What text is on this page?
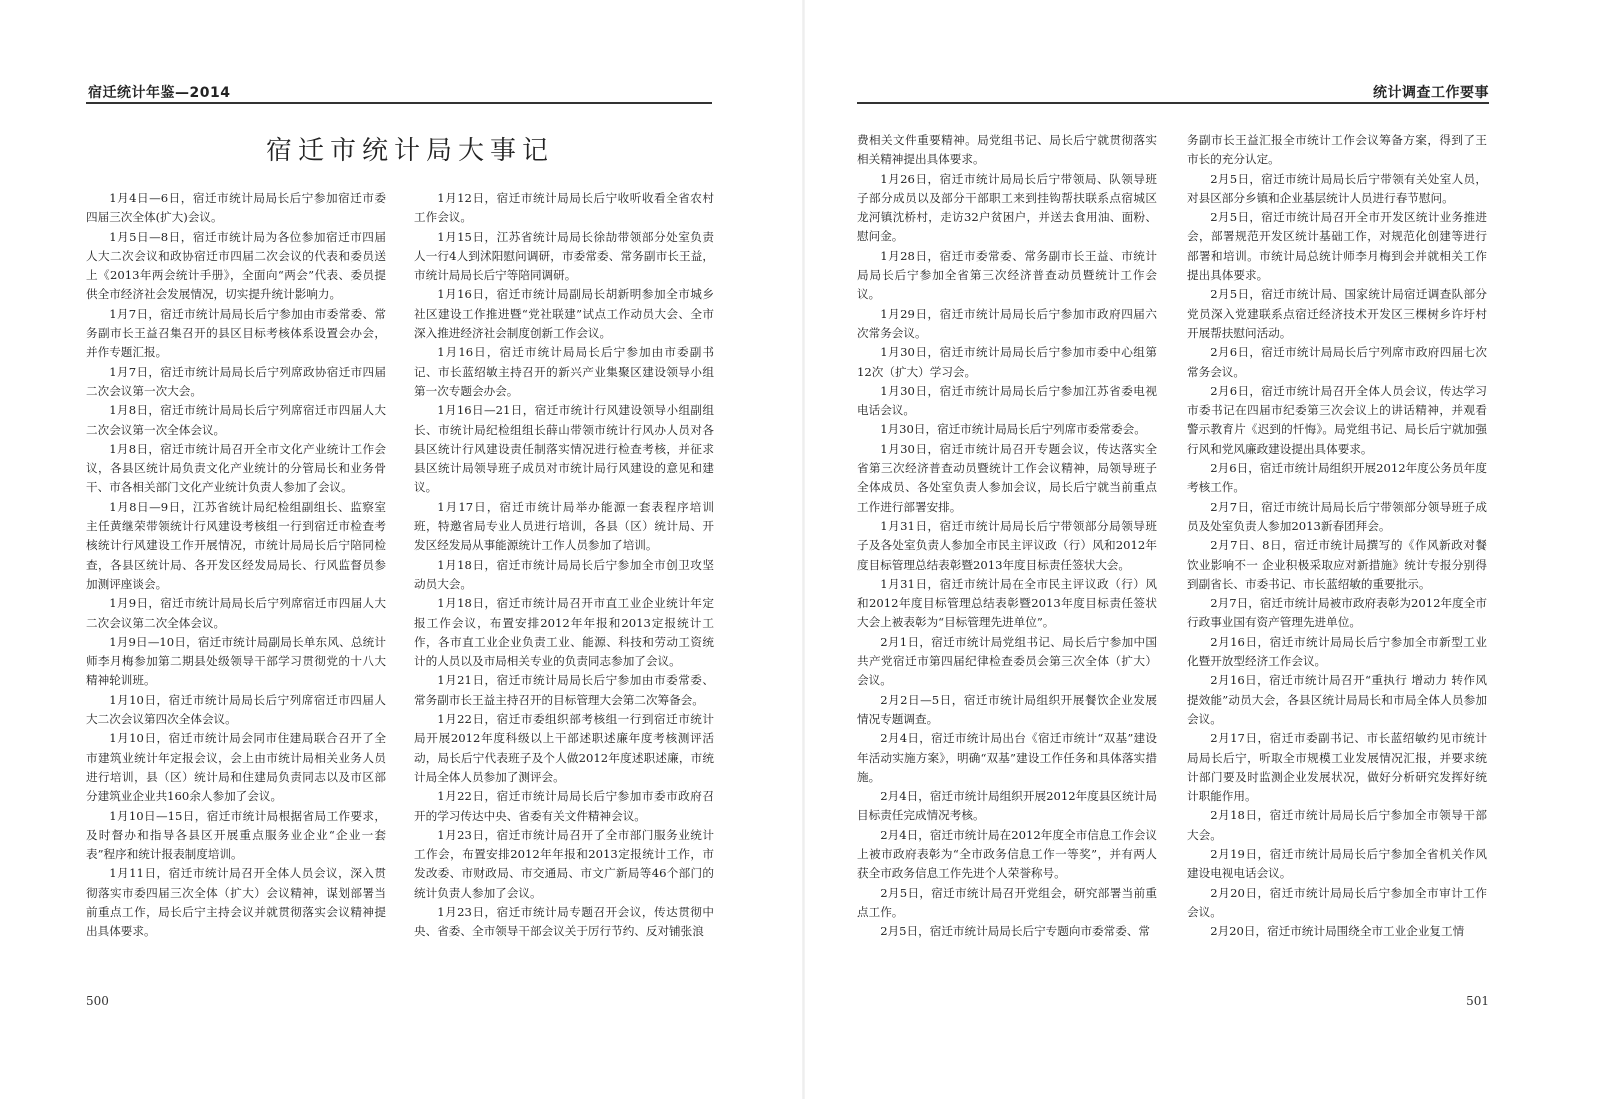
宿迁统计年鉴—2014
宿迁市统计局大事记

1月4日—6日，宿迁市统计局局长后宁参加宿迁市委四届三次全体(扩大)会议。

1月5日—8日，宿迁市统计局为各位参加宿迁市四届人大二次会议和政协宿迁市四届二次会议的代表和委员送上《2013年两会统计手册》，全面向“两会”代表、委员提供全市经济社会发展情况，切实提升统计影响力。

1月7日，宿迁市统计局局长后宁参加由市委常委、常务副市长王益召集召开的县区目标考核体系设置会办会，并作专题汇报。

1月7日，宿迁市统计局局长后宁列席政协宿迁市四届二次会议第一次大会。

1月8日，宿迁市统计局局长后宁列席宿迁市四届人大二次会议第一次全体会议。

1月8日，宿迁市统计局召开全市文化产业统计工作会议，各县区统计局负责文化产业统计的分管局长和业务骨干、市各相关部门文化产业统计负责人参加了会议。

1月8日—9日，江苏省统计局纪检组副组长、监察室主任黄继荣带领统计行风建设考核组一行到宿迁市检查考核统计行风建设工作开展情况，市统计局局长后宁陪同检查，各县区统计局、各开发区经发局局长、行风监督员参加测评座谈会。

1月9日，宿迁市统计局局长后宁列席宿迁市四届人大二次会议第二次全体会议。

1月9日—10日，宿迁市统计局副局长单东风、总统计师李月梅参加第二期县处级领导干部学习贯彻党的十八大精神轮训班。

1月10日，宿迁市统计局局长后宁列席宿迁市四届人大二次会议第四次全体会议。

1月10日，宿迁市统计局会同市住建局联合召开了全市建筑业统计年定报会议，会上由市统计局相关业务人员进行培训，县（区）统计局和住建局负责同志以及市区部分建筑业企业共160余人参加了会议。

1月10日—15日，宿迁市统计局根据省局工作要求，及时督办和指导各县区开展重点服务业企业“企业一套表”程序和统计报表制度培训。

1月11日，宿迁市统计局召开全体人员会议，深入贯彻落实市委四届三次全体（扩大）会议精神，谋划部署当前重点工作，局长后宁主持会议并就贯彻落实会议精神提出具体要求。

1月12日，宿迁市统计局局长后宁收听收看全省农村工作会议。

1月15日，江苏省统计局局长徐劼带领部分处室负责人一行4人到沭阳慰问调研，市委常委、常务副市长王益，市统计局局长后宁等陪同调研。

1月16日，宿迁市统计局副局长胡新明参加全市城乡社区建设工作推进暨“党社联建”试点工作动员大会、全市深入推进经济社会制度创新工作会议。

1月16日，宿迁市统计局局长后宁参加由市委副书记、市长蓝绍敏主持召开的新兴产业集聚区建设领导小组第一次专题会办会。

1月16日—21日，宿迁市统计行风建设领导小组副组长、市统计局纪检组组长薛山带领市统计行风办人员对各县区统计行风建设责任制落实情况进行检查考核，并征求县区统计局领导班子成员对市统计局行风建设的意见和建议。

1月17日，宿迁市统计局举办能源一套表程序培训班，特邀省局专业人员进行培训，各县（区）统计局、开发区经发局从事能源统计工作人员参加了培训。

1月18日，宿迁市统计局局长后宁参加全市创卫攻坚动员大会。

1月18日，宿迁市统计局召开市直工业企业统计年定报工作会议，布置安排2012年年报和2013定报统计工作，各市直工业企业负责工业、能源、科技和劳动工资统计的人员以及市局相关专业的负责同志参加了会议。

1月21日，宿迁市统计局局长后宁参加由市委常委、常务副市长王益主持召开的目标管理大会第二次筹备会。

1月22日，宿迁市委组织部考核组一行到宿迁市统计局开展2012年度科级以上干部述职述廉年度考核测评活动，局长后宁代表班子及个人做2012年度述职述廉，市统计局全体人员参加了测评会。

1月22日，宿迁市统计局局长后宁参加市委市政府召开的学习传达中央、省委有关文件精神会议。

1月23日，宿迁市统计局召开了全市部门服务业统计工作会，布置安排2012年年报和2013定报统计工作，市发改委、市财政局、市交通局、市文广新局等46个部门的统计负责人参加了会议。

1月23日，宿迁市统计局专题召开会议，传达贯彻中央、省委、全市领导干部会议关于厉行节约、反对铺张浪

500
统计调查工作要事

费相关文件重要精神。局党组书记、局长后宁就贯彻落实相关精神提出具体要求。

1月26日，宿迁市统计局局长后宁带领局、队领导班子部分成员以及部分干部职工来到挂钩帮扶联系点宿城区龙河镇沈桥村，走访32户贫困户，并送去食用油、面粉、慰问金。

1月28日，宿迁市委常委、常务副市长王益、市统计局局长后宁参加全省第三次经济普查动员暨统计工作会议。

1月29日，宿迁市统计局局长后宁参加市政府四届六次常务会议。

1月30日，宿迁市统计局局长后宁参加市委中心组第12次（扩大）学习会。

1月30日，宿迁市统计局局长后宁参加江苏省委电视电话会议。

1月30日，宿迁市统计局局长后宁列席市委常委会。

1月30日，宿迁市统计局召开专题会议，传达落实全省第三次经济普查动员暨统计工作会议精神，局领导班子全体成员、各处室负责人参加会议，局长后宁就当前重点工作进行部署安排。

1月31日，宿迁市统计局局长后宁带领部分局领导班子及各处室负责人参加全市民主评议政（行）风和2012年度目标管理总结表彰暨2013年度目标责任签状大会。

1月31日，宿迁市统计局在全市民主评议政（行）风和2012年度目标管理总结表彰暨2013年度目标责任签状大会上被表彰为“目标管理先进单位”。

2月1日，宿迁市统计局党组书记、局长后宁参加中国共产党宿迁市第四届纪律检查委员会第三次全体（扩大）会议。

2月2日—5日，宿迁市统计局组织开展餐饮企业发展情况专题调查。

2月4日，宿迁市统计局出台《宿迁市统计“双基”建设年活动实施方案》，明确“双基”建设工作任务和具体落实措施。

2月4日，宿迁市统计局组织开展2012年度县区统计局目标责任完成情况考核。

2月4日，宿迁市统计局在2012年度全市信息工作会议上被市政府表彰为“全市政务信息工作一等奖”，并有两人获全市政务信息工作先进个人荣誉称号。

2月5日，宿迁市统计局召开党组会，研究部署当前重点工作。

2月5日，宿迁市统计局局长后宁专题向市委常委、常

务副市长王益汇报全市统计工作会议筹备方案，得到了王市长的充分认定。

2月5日，宿迁市统计局局长后宁带领有关处室人员，对县区部分乡镇和企业基层统计人员进行春节慰问。

2月5日，宿迁市统计局召开全市开发区统计业务推进会，部署规范开发区统计基础工作，对规范化创建等进行部署和培训。市统计局总统计师李月梅到会并就相关工作提出具体要求。

2月5日，宿迁市统计局、国家统计局宿迁调查队部分党员深入党建联系点宿迁经济技术开发区三棵树乡许圩村开展帮扶慰问活动。

2月6日，宿迁市统计局局长后宁列席市政府四届七次常务会议。

2月6日，宿迁市统计局召开全体人员会议，传达学习市委书记在四届市纪委第三次会议上的讲话精神，并观看警示教育片《迟到的忏悔》。局党组书记、局长后宁就加强行风和党风廉政建设提出具体要求。

2月6日，宿迁市统计局组织开展2012年度公务员年度考核工作。

2月7日，宿迁市统计局局长后宁带领部分领导班子成员及处室负责人参加2013新春团拜会。

2月7日、8日，宿迁市统计局撰写的《作风新政对餐饮业影响不一 企业积极采取应对新措施》统计专报分别得到副省长、市委书记、市长蓝绍敏的重要批示。

2月7日，宿迁市统计局被市政府表彰为2012年度全市行政事业国有资产管理先进单位。

2月16日，宿迁市统计局局长后宁参加全市新型工业化暨开放型经济工作会议。

2月16日，宿迁市统计局召开“重执行 增动力 转作风 提效能”动员大会，各县区统计局局长和市局全体人员参加会议。

2月17日，宿迁市委副书记、市长蓝绍敏约见市统计局局长后宁，听取全市规模工业发展情况汇报，并要求统计部门要及时监测企业发展状况，做好分析研究发挥好统计职能作用。

2月18日，宿迁市统计局局长后宁参加全市领导干部大会。

2月19日，宿迁市统计局局长后宁参加全省机关作风建设电视电话会议。

2月20日，宿迁市统计局局长后宁参加全市审计工作会议。

2月20日，宿迁市统计局围绕全市工业企业复工情

501
